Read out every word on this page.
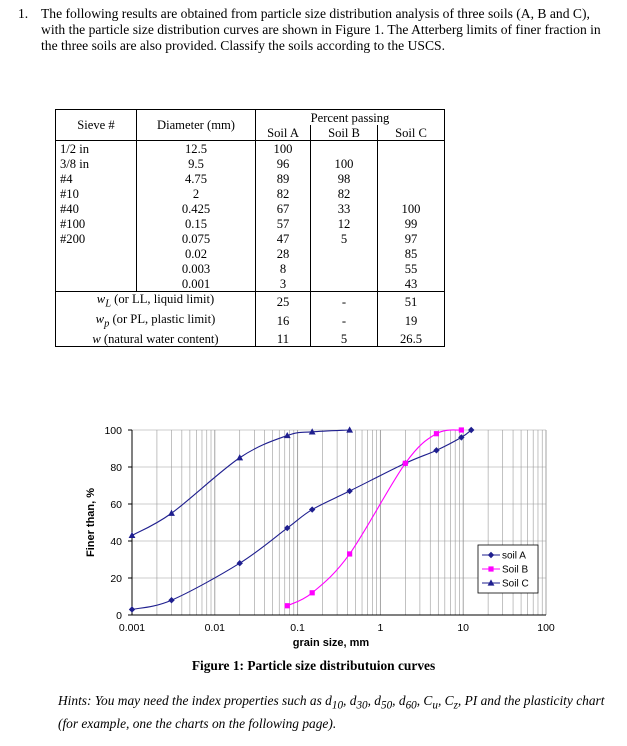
1. The following results are obtained from particle size distribution analysis of three soils (A, B and C), with the particle size distribution curves are shown in Figure 1. The Atterberg limits of finer fraction in the three soils are also provided. Classify the soils according to the USCS.
Sieve #	Diameter (mm)	Percent passing		
		Soil A	Soil B	Soil C
1/2 in	12.5	100		
3/8 in	9.5	96	100	
#4	4.75	89	98	
#10	2	82	82	
#40	0.425	67	33	100
#100	0.15	57	12	99
#200	0.075	47	5	97
	0.02	28		85
	0.003	8		55
	0.001	3		43
$w_L$ (or LL, liquid limit)		25	-	51
$w_p$ (or PL, plastic limit)		16	-	19
w (natural water content)		11	5	26.5
0
20
40
60
80
100
0.001	0.01	0.1	1	10	100
grain size, mm
Finer than, %	soil A
Soil B
Soil C
Figure 1: Particle size distributuion curves
Hints: You may need the index properties such as $d_{10}$, $d_{30}$, $d_{50}$, $d_{60}$, $C_u$, $C_z$, PI and the plasticity chart (for example, one the charts on the following page).
